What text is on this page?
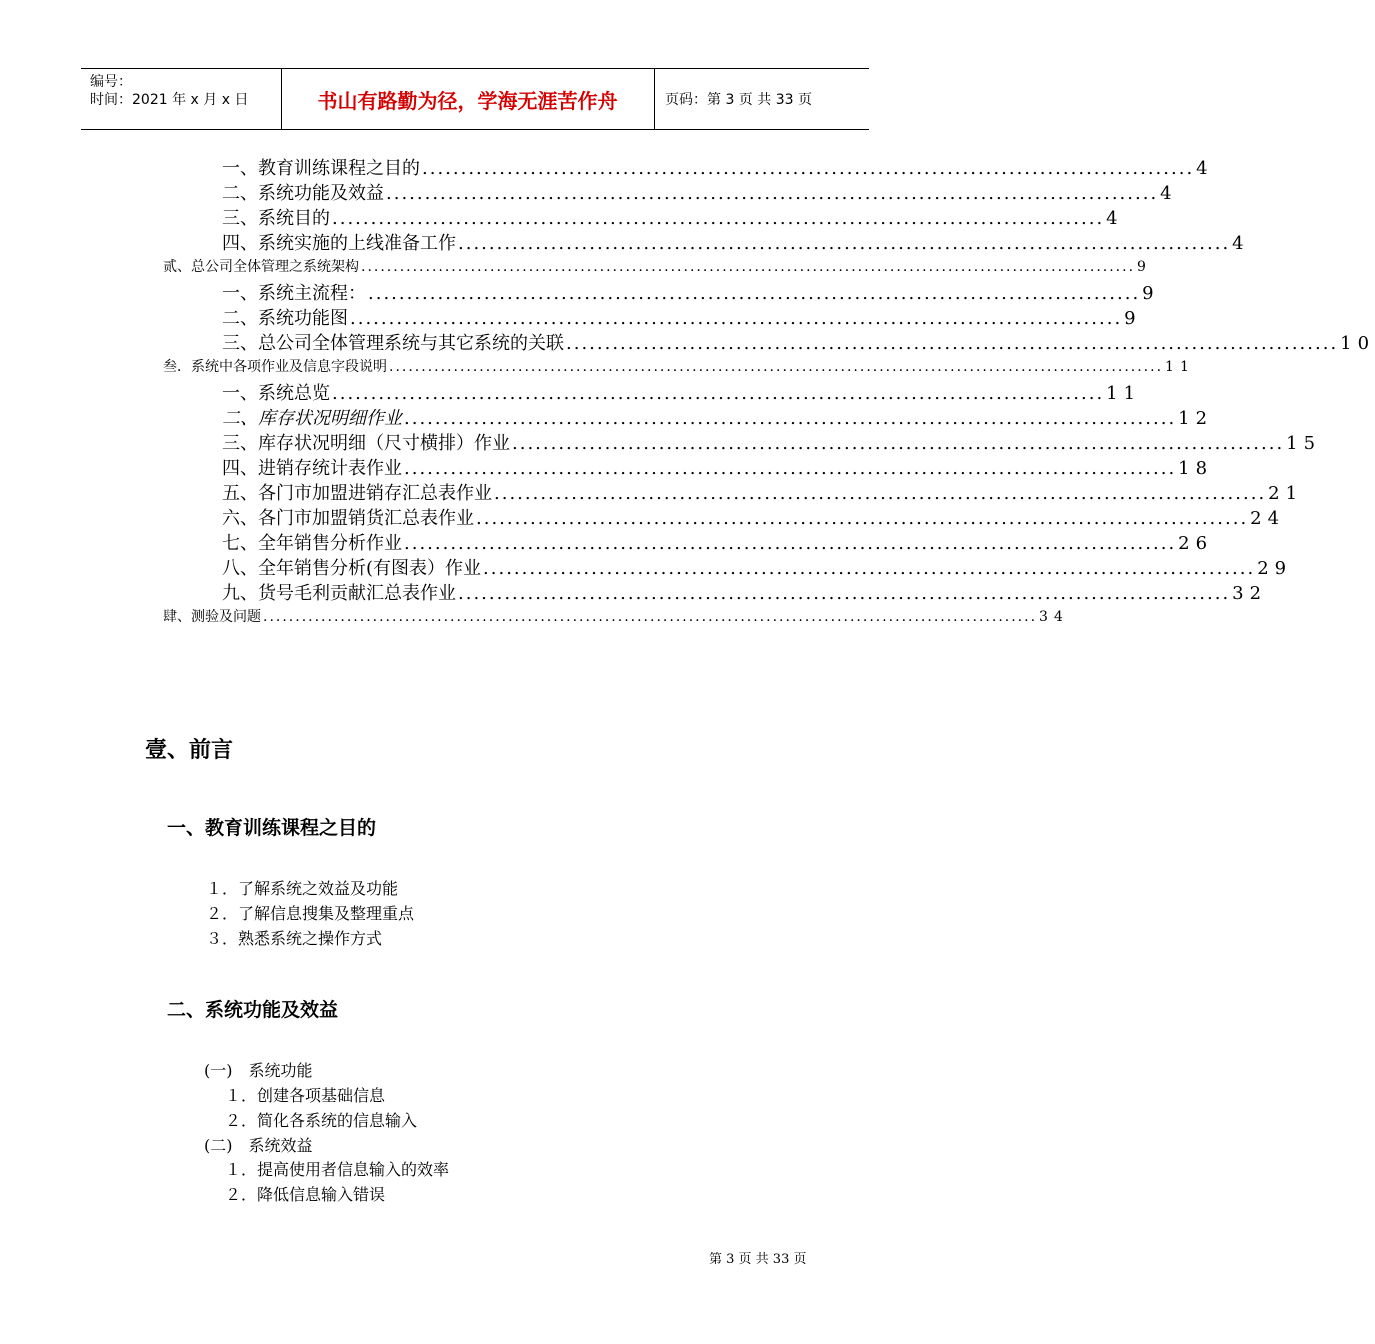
编号：
时间：2021 年 x 月 x 日	书山有路勤为径，学海无涯苦作舟	页码：第 3 页 共 33 页
一、教育训练课程之目的 .................................................................................................... 4
二、系统功能及效益 .................................................................................................... 4
三、系统目的 .................................................................................................... 4
四、系统实施的上线准备工作 .................................................................................................... 4
贰、总公司全体管理之系统架构 ........................................................................................................................ 9
一、系统主流程： .................................................................................................... 9
二、系统功能图 .................................................................................................... 9
三、总公司全体管理系统与其它系统的关联 .................................................................................................... 10
叁．系统中各项作业及信息字段说明 ........................................................................................................................ 11
一、系统总览 .................................................................................................... 11
二、库存状况明细作业 .................................................................................................... 12
三、库存状况明细（尺寸横排）作业 .................................................................................................... 15
四、进销存统计表作业 .................................................................................................... 18
五、各门市加盟进销存汇总表作业 .................................................................................................... 21
六、各门市加盟销货汇总表作业 .................................................................................................... 24
七、全年销售分析作业 .................................................................................................... 26
八、全年销售分析(有图表）作业 .................................................................................................... 29
九、货号毛利贡献汇总表作业 .................................................................................................... 32
肆、测验及问题 ........................................................................................................................ 34
壹、前言
一、教育训练课程之目的
１．了解系统之效益及功能
２．了解信息搜集及整理重点
３．熟悉系统之操作方式
二、系统功能及效益
(一)　系统功能
１．创建各项基础信息
２．简化各系统的信息输入
(二)　系统效益
１．提高使用者信息输入的效率
２．降低信息输入错误
第 3 页 共 33 页
